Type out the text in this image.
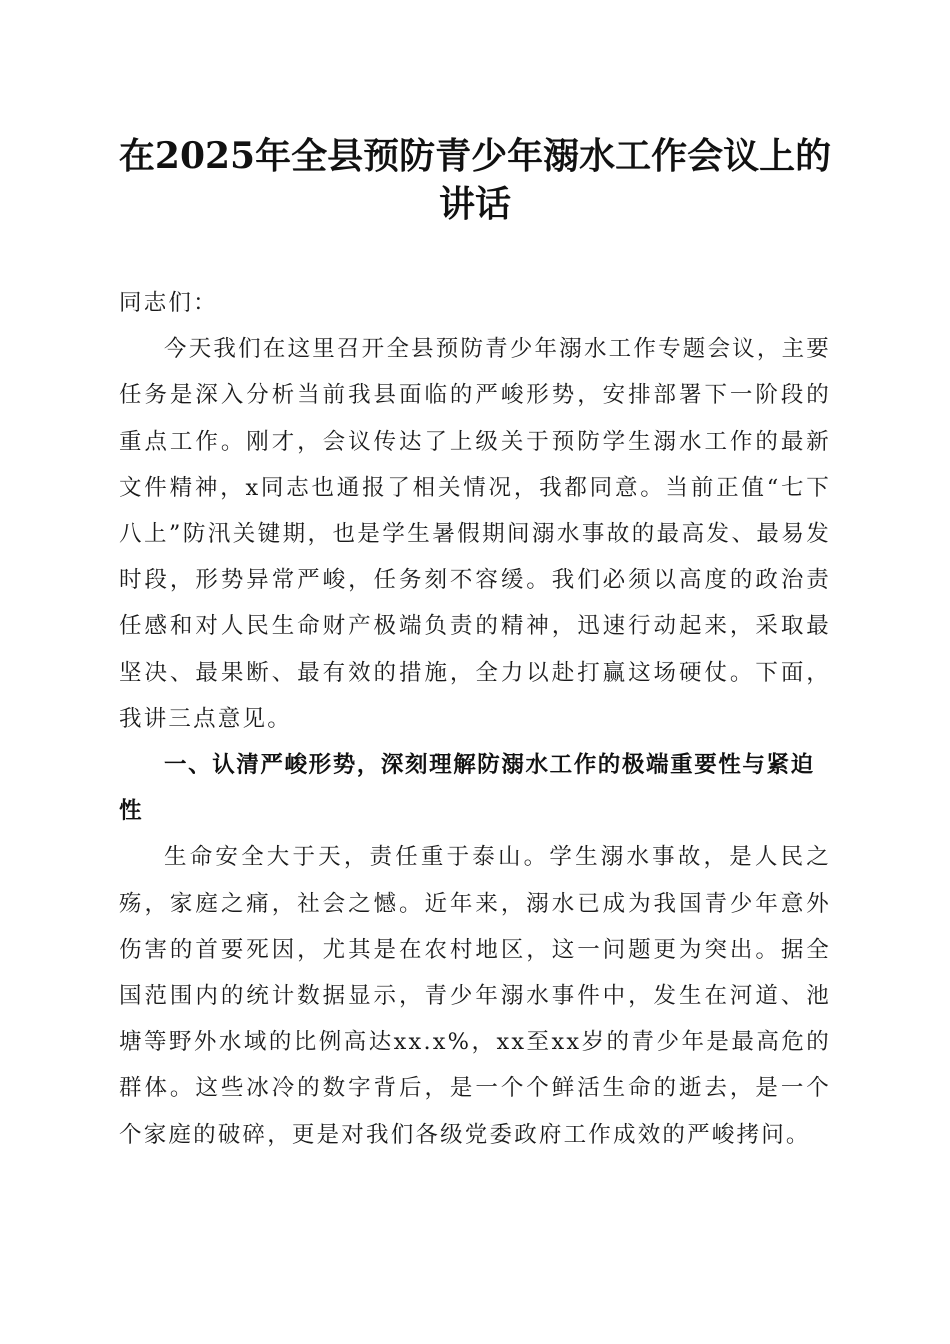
在2025年全县预防青少年溺水工作会议上的
讲话

同志们：

今天我们在这里召开全县预防青少年溺水工作专题会议，主要任务是深入分析当前我县面临的严峻形势，安排部署下一阶段的重点工作。刚才，会议传达了上级关于预防学生溺水工作的最新文件精神，x同志也通报了相关情况，我都同意。当前正值“七下八上”防汛关键期，也是学生暑假期间溺水事故的最高发、最易发时段，形势异常严峻，任务刻不容缓。我们必须以高度的政治责任感和对人民生命财产极端负责的精神，迅速行动起来，采取最坚决、最果断、最有效的措施，全力以赴打赢这场硬仗。下面，我讲三点意见。

一、认清严峻形势，深刻理解防溺水工作的极端重要性与紧迫性

生命安全大于天，责任重于泰山。学生溺水事故，是人民之殇，家庭之痛，社会之憾。近年来，溺水已成为我国青少年意外伤害的首要死因，尤其是在农村地区，这一问题更为突出。据全国范围内的统计数据显示，青少年溺水事件中，发生在河道、池塘等野外水域的比例高达xx.x%，xx至xx岁的青少年是最高危的群体。这些冰冷的数字背后，是一个个鲜活生命的逝去，是一个个家庭的破碎，更是对我们各级党委政府工作成效的严峻拷问。
